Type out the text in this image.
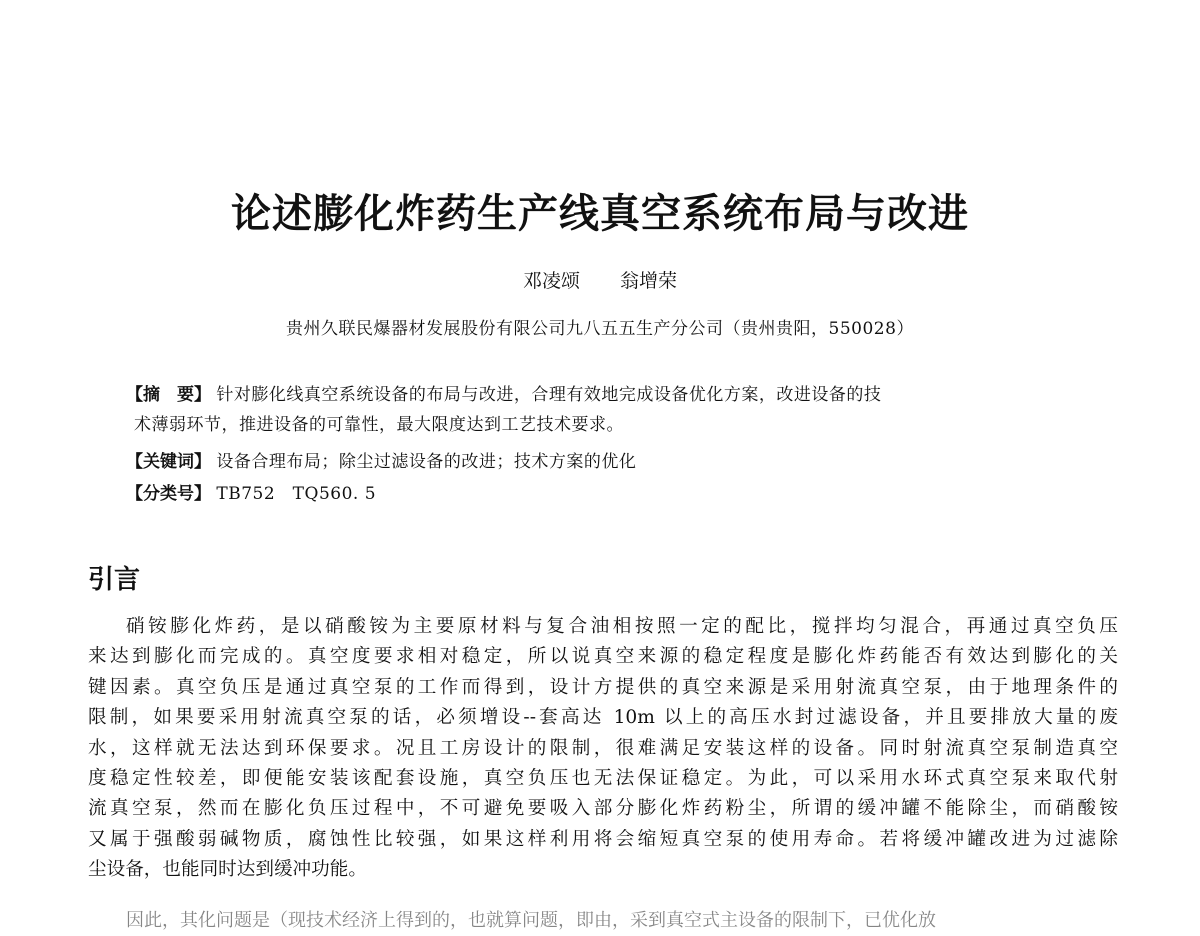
论述膨化炸药生产线真空系统布局与改进

邓凌颂 翁增荣

贵州久联民爆器材发展股份有限公司九八五五生产分公司（贵州贵阳，550028）

【摘　要】 针对膨化线真空系统设备的布局与改进，合理有效地完成设备优化方案，改进设备的技
术薄弱环节，推进设备的可靠性，最大限度达到工艺技术要求。
【关键词】 设备合理布局；除尘过滤设备的改进；技术方案的优化
【分类号】 TB752　TQ560. 5
引言
硝铵膨化炸药，是以硝酸铵为主要原材料与复合油相按照一定的配比，搅拌均匀混合，再通过真空负压
来达到膨化而完成的。真空度要求相对稳定，所以说真空来源的稳定程度是膨化炸药能否有效达到膨化的关
键因素。真空负压是通过真空泵的工作而得到，设计方提供的真空来源是采用射流真空泵，由于地理条件的
限制，如果要采用射流真空泵的话，必须增设--套高达 10m 以上的高压水封过滤设备，并且要排放大量的废
水，这样就无法达到环保要求。况且工房设计的限制，很难满足安装这样的设备。同时射流真空泵制造真空
度稳定性较差，即便能安装该配套设施，真空负压也无法保证稳定。为此，可以采用水环式真空泵来取代射
流真空泵，然而在膨化负压过程中，不可避免要吸入部分膨化炸药粉尘，所谓的缓冲罐不能除尘，而硝酸铵
又属于强酸弱碱物质，腐蚀性比较强，如果这样利用将会缩短真空泵的使用寿命。若将缓冲罐改进为过滤除
尘设备，也能同时达到缓冲功能。
因此，其化问题是（现技术经济上得到的，也就算问题，即由，采到真空式主设备的限制下，已优化放
